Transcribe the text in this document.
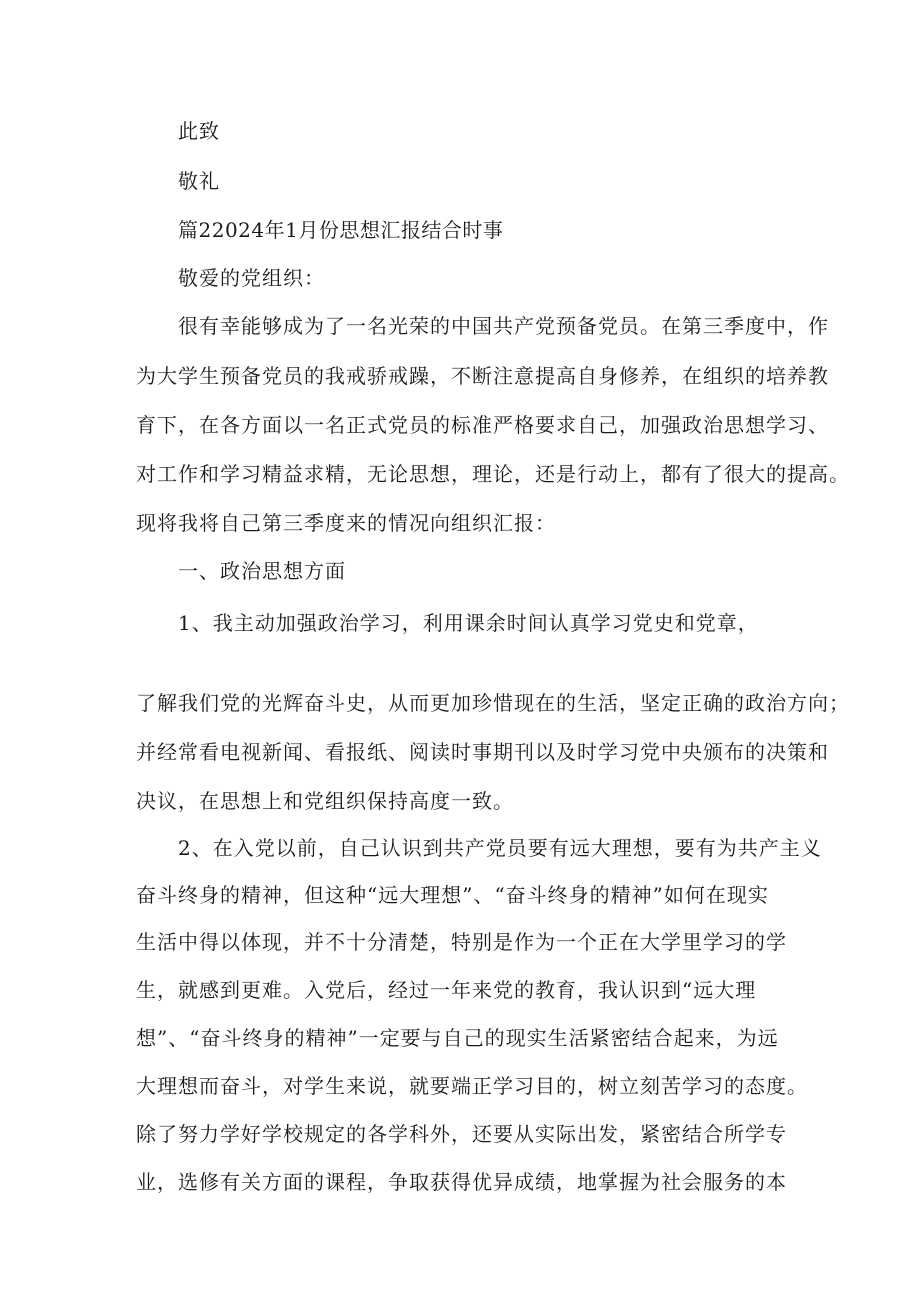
此致
敬礼
篇22024年1月份思想汇报结合时事
敬爱的党组织：
很有幸能够成为了一名光荣的中国共产党预备党员。在第三季度中，作
为大学生预备党员的我戒骄戒躁，不断注意提高自身修养，在组织的培养教
育下，在各方面以一名正式党员的标准严格要求自己，加强政治思想学习、
对工作和学习精益求精，无论思想，理论，还是行动上，都有了很大的提高。
现将我将自己第三季度来的情况向组织汇报：
一、政治思想方面
1、我主动加强政治学习，利用课余时间认真学习党史和党章，
了解我们党的光辉奋斗史，从而更加珍惜现在的生活，坚定正确的政治方向；
并经常看电视新闻、看报纸、阅读时事期刊以及时学习党中央颁布的决策和
决议，在思想上和党组织保持高度一致。
2、在入党以前，自己认识到共产党员要有远大理想，要有为共产主义
奋斗终身的精神，但这种“远大理想”、“奋斗终身的精神”如何在现实
生活中得以体现，并不十分清楚，特别是作为一个正在大学里学习的学
生，就感到更难。入党后，经过一年来党的教育，我认识到“远大理
想”、“奋斗终身的精神”一定要与自己的现实生活紧密结合起来，为远
大理想而奋斗，对学生来说，就要端正学习目的，树立刻苦学习的态度。
除了努力学好学校规定的各学科外，还要从实际出发，紧密结合所学专
业，选修有关方面的课程，争取获得优异成绩，地掌握为社会服务的本
